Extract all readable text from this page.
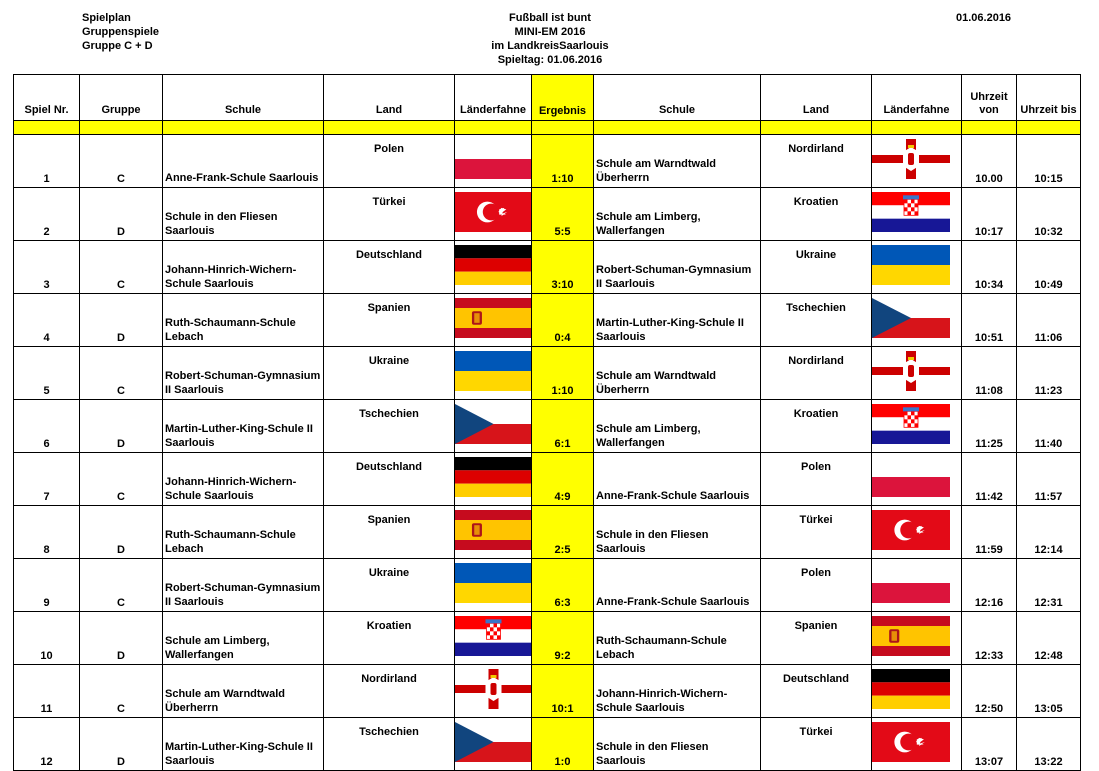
Spielplan
Gruppenspiele
Gruppe C + D
Fußball ist bunt
MINI-EM 2016
im LandkreisSaarlouis
Spieltag: 01.06.2016
01.06.2016
Spiel Nr.	Gruppe	Schule	Land	Länderfahne	Ergebnis	Schule	Land	Länderfahne	Uhrzeit von	Uhrzeit bis

1	C	Anne-Frank-Schule Saarlouis	Polen		1:10	Schule am Warndtwald Überherrn	Nordirland		10.00	10:15
2	D	Schule in den Fliesen Saarlouis	Türkei		5:5	Schule am Limberg, Wallerfangen	Kroatien		10:17	10:32
3	C	Johann-Hinrich-Wichern-Schule Saarlouis	Deutschland		3:10	Robert-Schuman-Gymnasium II Saarlouis	Ukraine		10:34	10:49
4	D	Ruth-Schaumann-Schule Lebach	Spanien		0:4	Martin-Luther-King-Schule II Saarlouis	Tschechien		10:51	11:06
5	C	Robert-Schuman-Gymnasium II Saarlouis	Ukraine		1:10	Schule am Warndtwald Überherrn	Nordirland		11:08	11:23
6	D	Martin-Luther-King-Schule II Saarlouis	Tschechien		6:1	Schule am Limberg, Wallerfangen	Kroatien		11:25	11:40
7	C	Johann-Hinrich-Wichern-Schule Saarlouis	Deutschland		4:9	Anne-Frank-Schule Saarlouis	Polen		11:42	11:57
8	D	Ruth-Schaumann-Schule Lebach	Spanien		2:5	Schule in den Fliesen Saarlouis	Türkei		11:59	12:14
9	C	Robert-Schuman-Gymnasium II Saarlouis	Ukraine		6:3	Anne-Frank-Schule Saarlouis	Polen		12:16	12:31
10	D	Schule am Limberg, Wallerfangen	Kroatien		9:2	Ruth-Schaumann-Schule Lebach	Spanien		12:33	12:48
11	C	Schule am Warndtwald Überherrn	Nordirland		10:1	Johann-Hinrich-Wichern-Schule Saarlouis	Deutschland		12:50	13:05
12	D	Martin-Luther-King-Schule II Saarlouis	Tschechien		1:0	Schule in den Fliesen Saarlouis	Türkei		13:07	13:22
